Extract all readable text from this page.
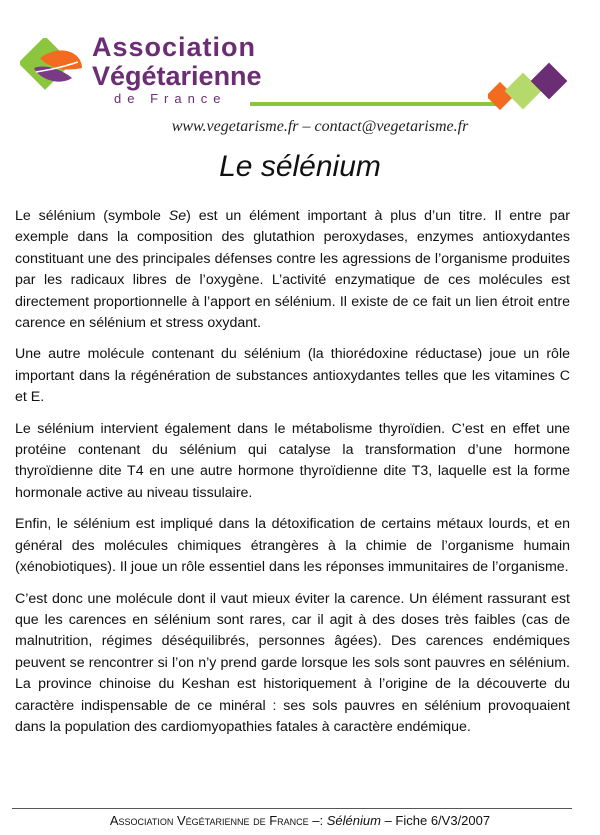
Association
Végétarienne
de France
www.vegetarisme.fr – contact@vegetarisme.fr
Le sélénium

Le sélénium (symbole Se) est un élément important à plus d’un titre. Il entre par exemple dans la composition des glutathion peroxydases, enzymes antioxydantes constituant une des principales défenses contre les agressions de l’organisme produites par les radicaux libres de l’oxygène. L’activité enzymatique de ces molécules est directement proportionnelle à l’apport en sélénium. Il existe de ce fait un lien étroit entre carence en sélénium et stress oxydant.

Une autre molécule contenant du sélénium (la thiorédoxine réductase) joue un rôle important dans la régénération de substances antioxydantes telles que les vitamines C et E.

Le sélénium intervient également dans le métabolisme thyroïdien. C’est en effet une protéine contenant du sélénium qui catalyse la transformation d’une hormone thyroïdienne dite T4 en une autre hormone thyroïdienne dite T3, laquelle est la forme hormonale active au niveau tissulaire.

Enfin, le sélénium est impliqué dans la détoxification de certains métaux lourds, et en général des molécules chimiques étrangères à la chimie de l’organisme humain (xénobiotiques). Il joue un rôle essentiel dans les réponses immunitaires de l’organisme.

C’est donc une molécule dont il vaut mieux éviter la carence. Un élément rassurant est que les carences en sélénium sont rares, car il agit à des doses très faibles (cas de malnutrition, régimes déséquilibrés, personnes âgées). Des carences endémiques peuvent se rencontrer si l’on n’y prend garde lorsque les sols sont pauvres en sélénium. La province chinoise du Keshan est historiquement à l’origine de la découverte du caractère indispensable de ce minéral : ses sols pauvres en sélénium provoquaient dans la population des cardiomyopathies fatales à caractère endémique.

Association Végétarienne de France –: Sélénium – Fiche 6/V3/2007
